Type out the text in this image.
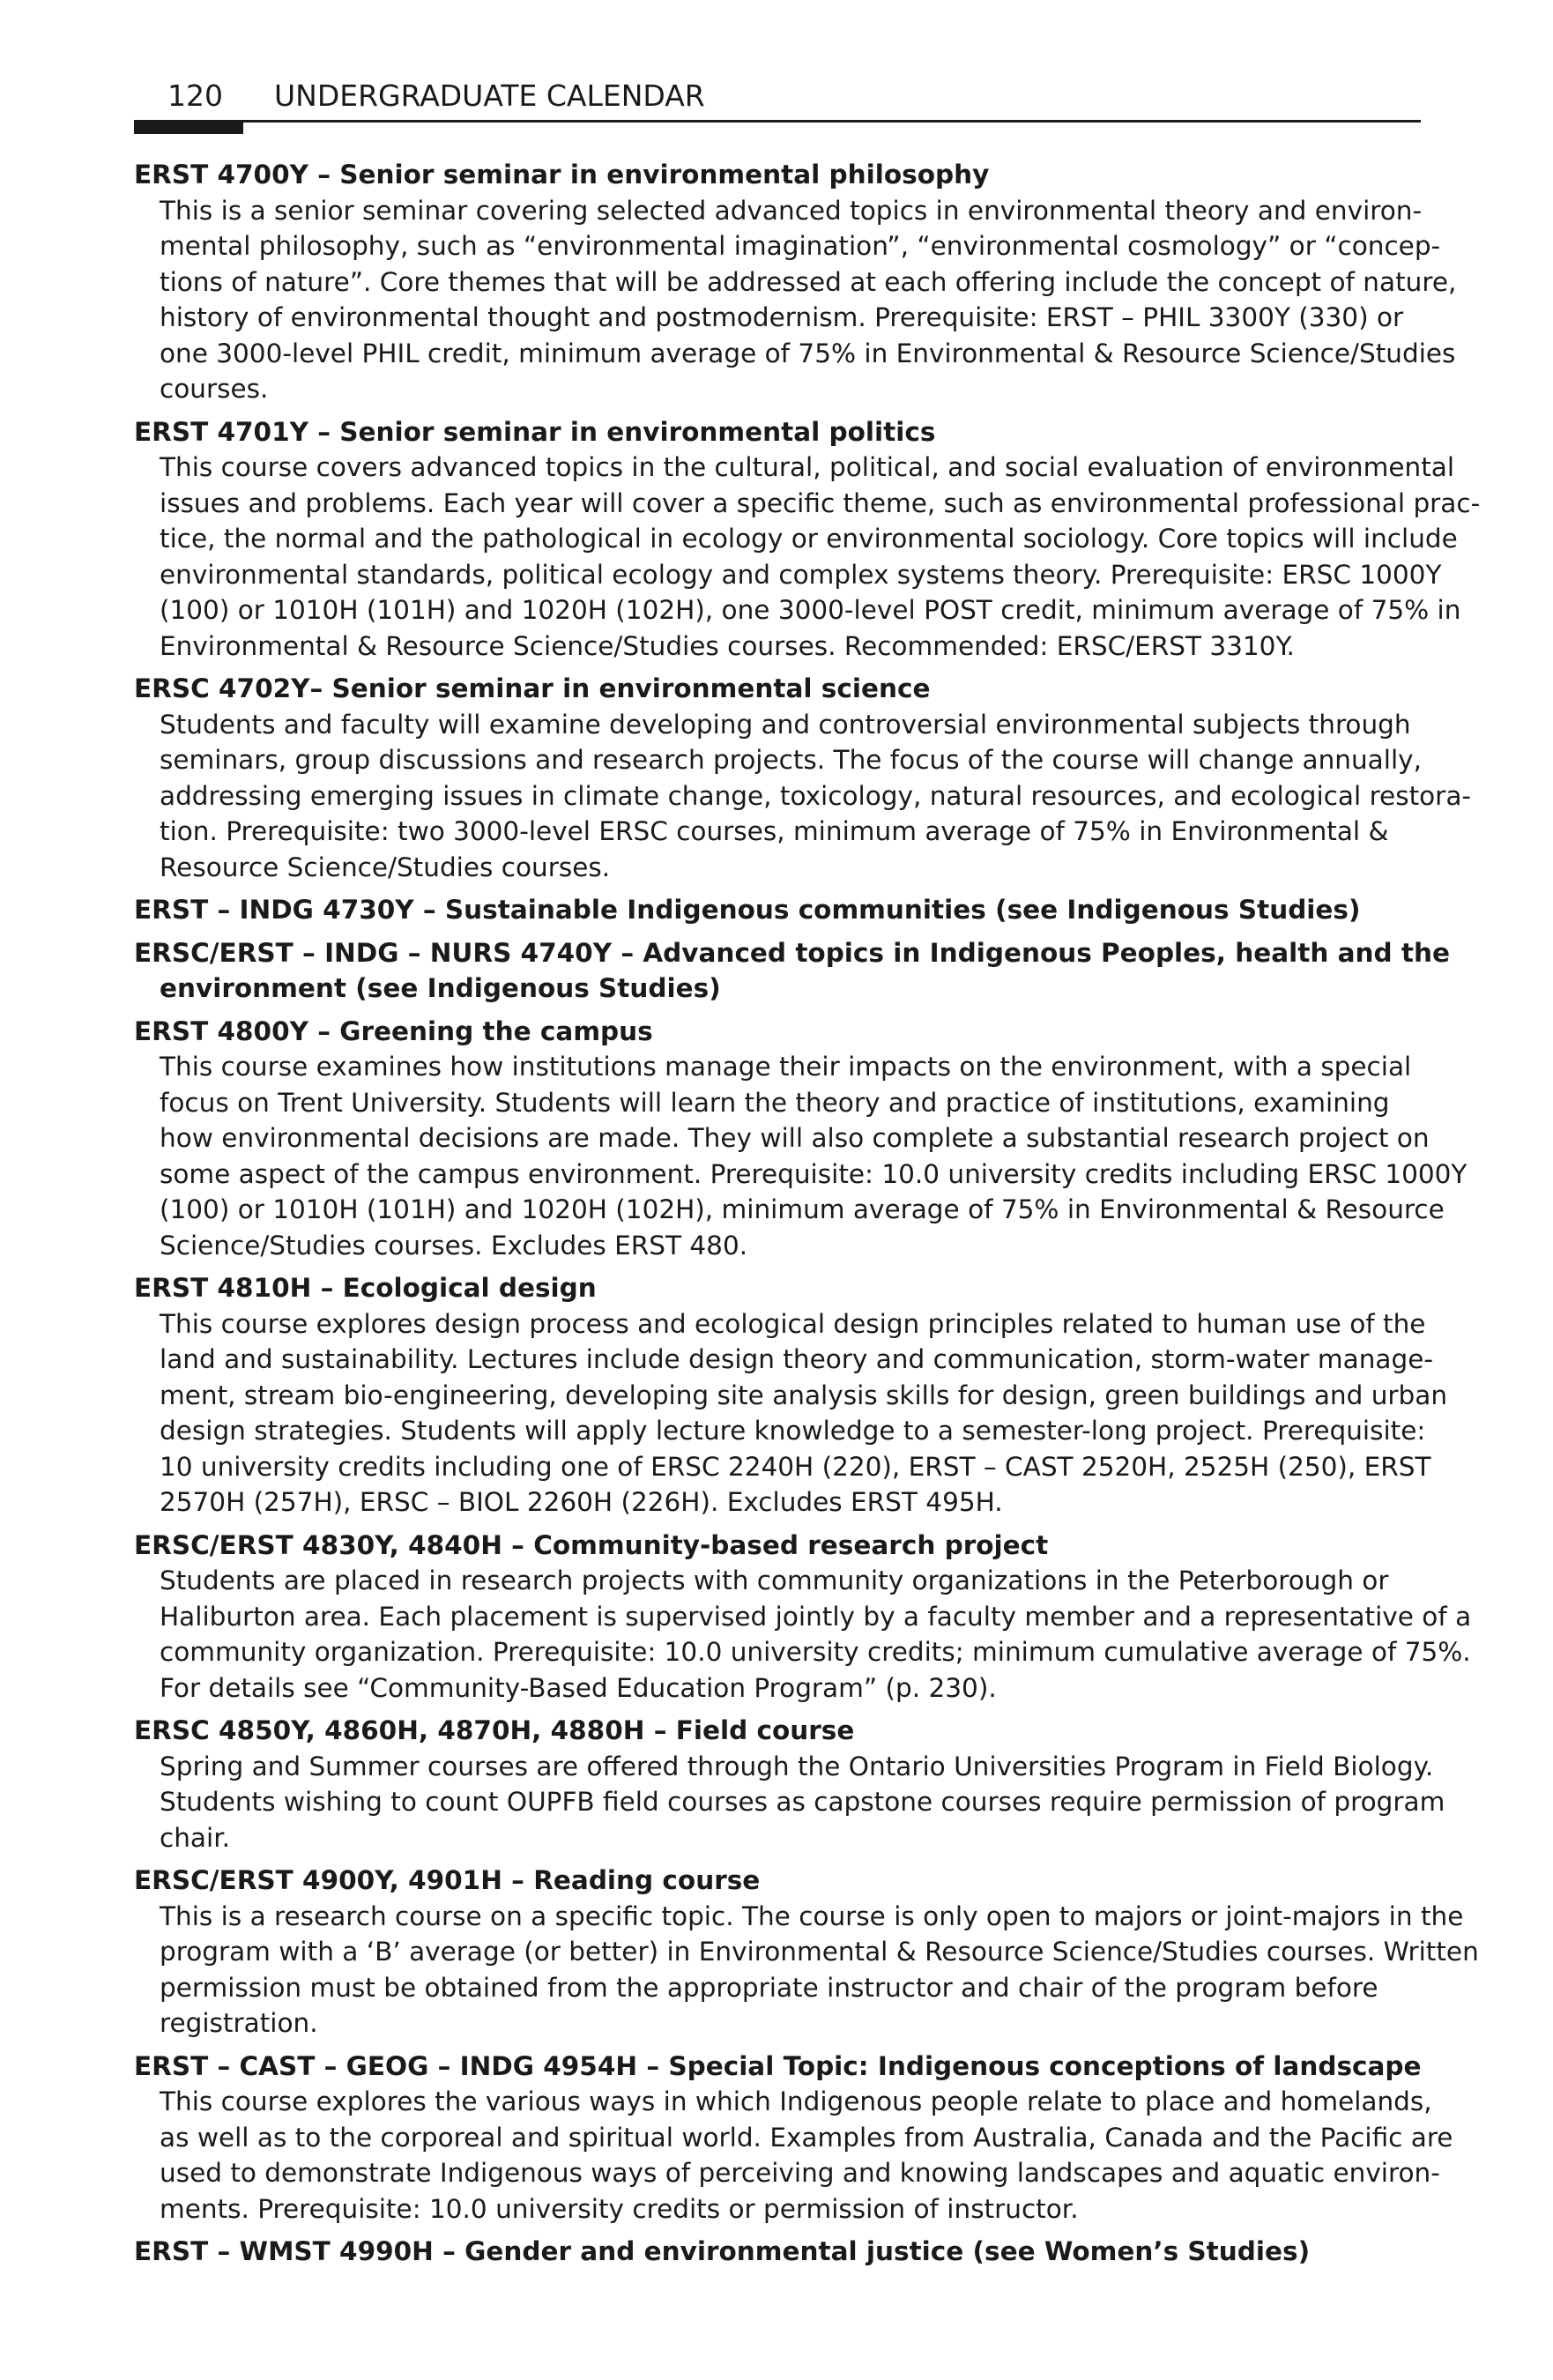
120 UNDERGRADUATE CALENDAR
ERST 4700Y – Senior seminar in environmental philosophy
This is a senior seminar covering selected advanced topics in environmental theory and environ-
mental philosophy, such as “environmental imagination”, “environmental cosmology” or “concep-
tions of nature”. Core themes that will be addressed at each offering include the concept of nature,
history of environmental thought and postmodernism. Prerequisite: ERST – PHIL 3300Y (330) or
one 3000-level PHIL credit, minimum average of 75% in Environmental & Resource Science/Studies
courses.
ERST 4701Y – Senior seminar in environmental politics
This course covers advanced topics in the cultural, political, and social evaluation of environmental
issues and problems. Each year will cover a specific theme, such as environmental professional prac-
tice, the normal and the pathological in ecology or environmental sociology. Core topics will include
environmental standards, political ecology and complex systems theory. Prerequisite: ERSC 1000Y
(100) or 1010H (101H) and 1020H (102H), one 3000-level POST credit, minimum average of 75% in
Environmental & Resource Science/Studies courses. Recommended: ERSC/ERST 3310Y.
ERSC 4702Y– Senior seminar in environmental science
Students and faculty will examine developing and controversial environmental subjects through
seminars, group discussions and research projects. The focus of the course will change annually,
addressing emerging issues in climate change, toxicology, natural resources, and ecological restora-
tion. Prerequisite: two 3000-level ERSC courses, minimum average of 75% in Environmental &
Resource Science/Studies courses.
ERST – INDG 4730Y – Sustainable Indigenous communities (see Indigenous Studies)
ERSC/ERST – INDG – NURS 4740Y – Advanced topics in Indigenous Peoples, health and the
environment (see Indigenous Studies)
ERST 4800Y – Greening the campus
This course examines how institutions manage their impacts on the environment, with a special
focus on Trent University. Students will learn the theory and practice of institutions, examining
how environmental decisions are made. They will also complete a substantial research project on
some aspect of the campus environment. Prerequisite: 10.0 university credits including ERSC 1000Y
(100) or 1010H (101H) and 1020H (102H), minimum average of 75% in Environmental & Resource
Science/Studies courses. Excludes ERST 480.
ERST 4810H – Ecological design
This course explores design process and ecological design principles related to human use of the
land and sustainability. Lectures include design theory and communication, storm-water manage-
ment, stream bio-engineering, developing site analysis skills for design, green buildings and urban
design strategies. Students will apply lecture knowledge to a semester-long project. Prerequisite:
10 university credits including one of ERSC 2240H (220), ERST – CAST 2520H, 2525H (250), ERST
2570H (257H), ERSC – BIOL 2260H (226H). Excludes ERST 495H.
ERSC/ERST 4830Y, 4840H – Community-based research project
Students are placed in research projects with community organizations in the Peterborough or
Haliburton area. Each placement is supervised jointly by a faculty member and a representative of a
community organization. Prerequisite: 10.0 university credits; minimum cumulative average of 75%.
For details see “Community-Based Education Program” (p. 230).
ERSC 4850Y, 4860H, 4870H, 4880H – Field course
Spring and Summer courses are offered through the Ontario Universities Program in Field Biology.
Students wishing to count OUPFB field courses as capstone courses require permission of program
chair.
ERSC/ERST 4900Y, 4901H – Reading course
This is a research course on a specific topic. The course is only open to majors or joint-majors in the
program with a ‘B’ average (or better) in Environmental & Resource Science/Studies courses. Written
permission must be obtained from the appropriate instructor and chair of the program before
registration.
ERST – CAST – GEOG – INDG 4954H – Special Topic: Indigenous conceptions of landscape
This course explores the various ways in which Indigenous people relate to place and homelands,
as well as to the corporeal and spiritual world. Examples from Australia, Canada and the Pacific are
used to demonstrate Indigenous ways of perceiving and knowing landscapes and aquatic environ-
ments. Prerequisite: 10.0 university credits or permission of instructor.
ERST – WMST 4990H – Gender and environmental justice (see Women’s Studies)
